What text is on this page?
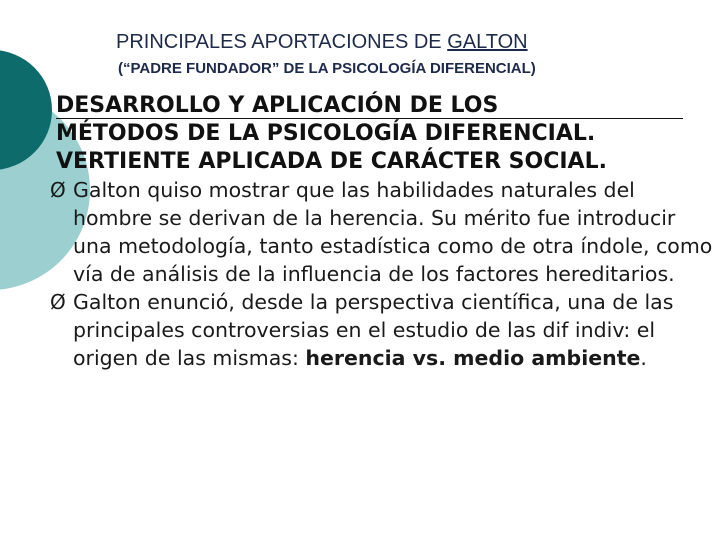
PRINCIPALES APORTACIONES DE GALTON
(“PADRE FUNDADOR” DE LA PSICOLOGÍA DIFERENCIAL)
DESARROLLO Y APLICACIÓN DE LOS
MÉTODOS DE LA PSICOLOGÍA DIFERENCIAL.
VERTIENTE APLICADA DE CARÁCTER SOCIAL.
Ø Galton quiso mostrar que las habilidades naturales del hombre se derivan de la herencia. Su mérito fue introducir una metodología, tanto estadística como de otra índole, como vía de análisis de la influencia de los factores hereditarios.

Ø Galton enunció, desde la perspectiva científica, una de las principales controversias en el estudio de las dif indiv: el origen de las mismas: herencia vs. medio ambiente.
